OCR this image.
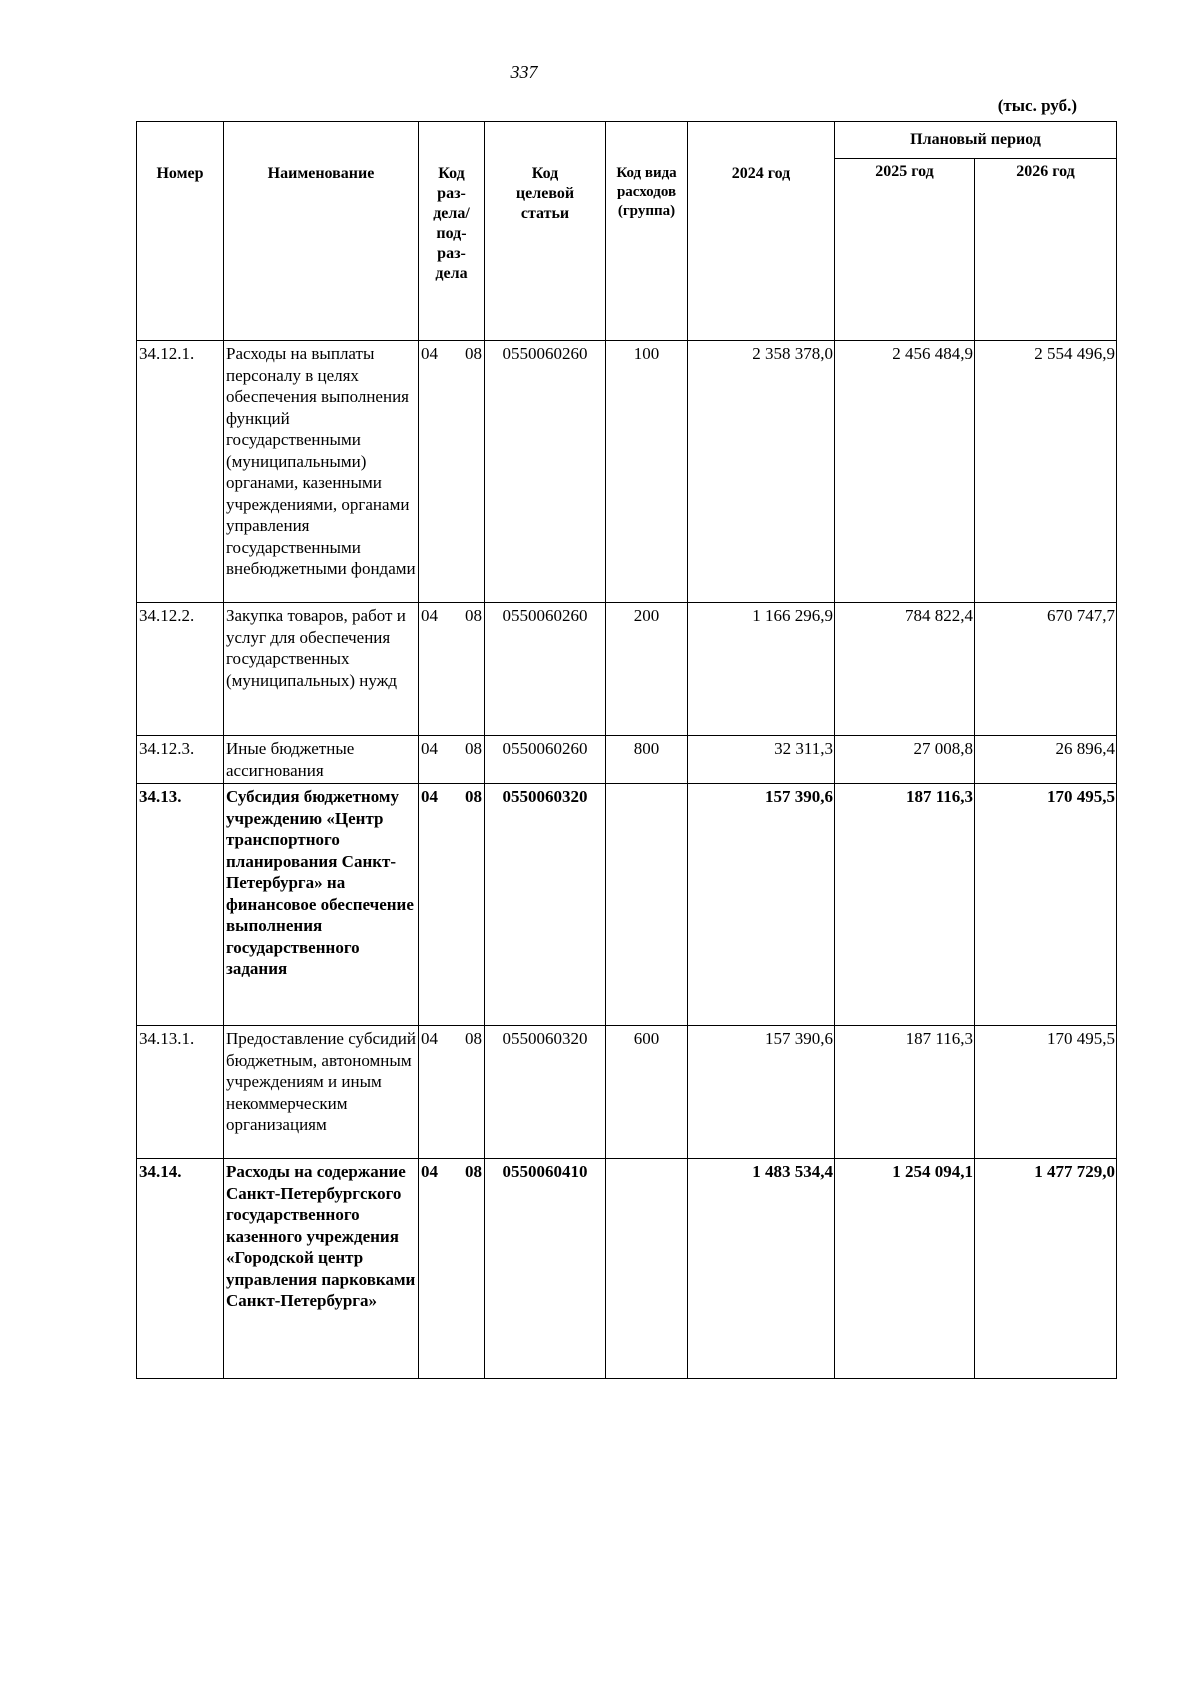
337
(тыс. руб.)
Номер	Наименование	Код раз-дела/ под-раз-дела	Код целевой статьи	Код вида расходов (группа)	2024 год	Плановый период	
						2025 год	2026 год
34.12.1.	Расходы на выплаты персоналу в целях обеспечения выполнения функций государственными (муниципальными) органами, казенными учреждениями, органами управления государственными внебюджетными фондами	04 08	0550060260	100	2 358 378,0	2 456 484,9	2 554 496,9
34.12.2.	Закупка товаров, работ и услуг для обеспечения государственных (муниципальных) нужд	04 08	0550060260	200	1 166 296,9	784 822,4	670 747,7
34.12.3.	Иные бюджетные ассигнования	04 08	0550060260	800	32 311,3	27 008,8	26 896,4
34.13.	Субсидия бюджетному учреждению «Центр транспортного планирования Санкт-Петербурга» на финансовое обеспечение выполнения государственного задания	04 08	0550060320		157 390,6	187 116,3	170 495,5
34.13.1.	Предоставление субсидий бюджетным, автономным учреждениям и иным некоммерческим организациям	04 08	0550060320	600	157 390,6	187 116,3	170 495,5
34.14.	Расходы на содержание Санкт-Петербургского государственного казенного учреждения «Городской центр управления парковками Санкт-Петербурга»	04 08	0550060410		1 483 534,4	1 254 094,1	1 477 729,0
